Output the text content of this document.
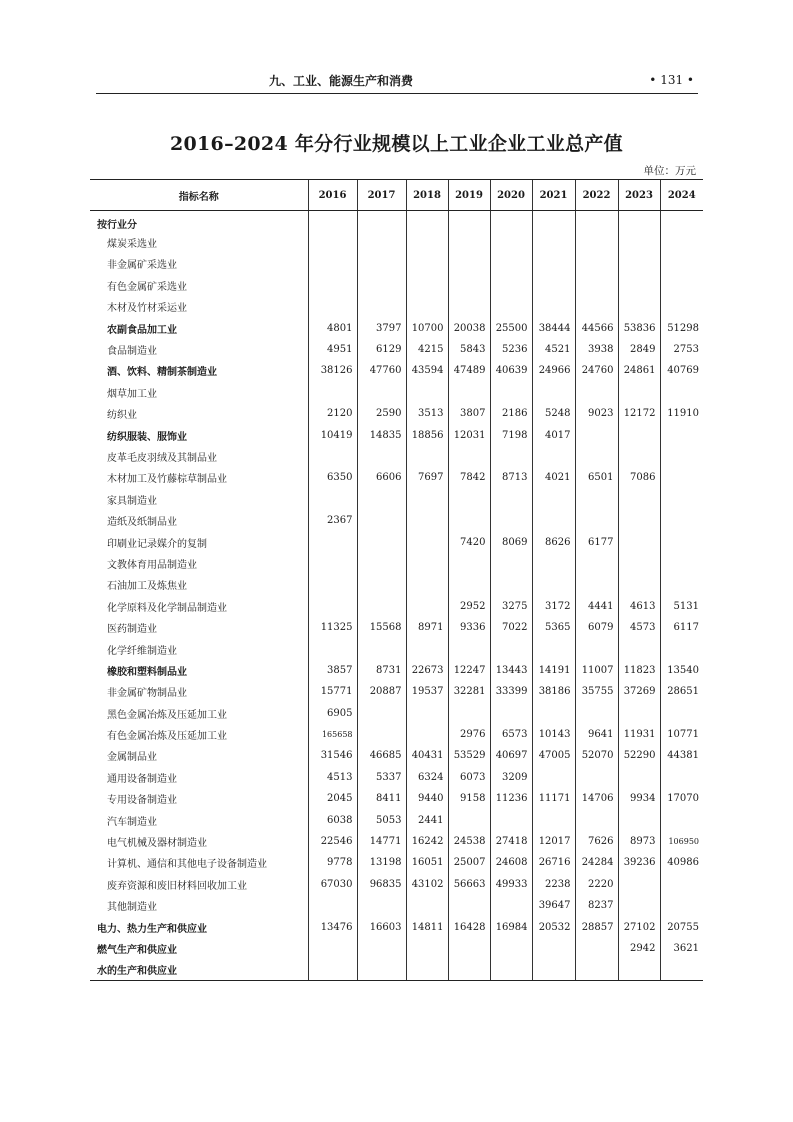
九、工业、能源生产和消费	• 131 •
2016–2024 年分行业规模以上工业企业工业总产值
单位：万元
指标名称	2016	2017	2018	2019	2020	2021	2022	2023	2024
按行业分									
煤炭采选业									
非金属矿采选业									
有色金属矿采选业									
木材及竹材采运业									
农副食品加工业	4801	3797	10700	20038	25500	38444	44566	53836	51298
食品制造业	4951	6129	4215	5843	5236	4521	3938	2849	2753
酒、饮料、精制茶制造业	38126	47760	43594	47489	40639	24966	24760	24861	40769
烟草加工业									
纺织业	2120	2590	3513	3807	2186	5248	9023	12172	11910
纺织服装、服饰业	10419	14835	18856	12031	7198	4017			
皮革毛皮羽绒及其制品业									
木材加工及竹藤棕草制品业	6350	6606	7697	7842	8713	4021	6501	7086	
家具制造业									
造纸及纸制品业	2367								
印刷业记录媒介的复制				7420	8069	8626	6177		
文教体育用品制造业									
石油加工及炼焦业									
化学原料及化学制品制造业				2952	3275	3172	4441	4613	5131
医药制造业	11325	15568	8971	9336	7022	5365	6079	4573	6117
化学纤维制造业									
橡胶和塑料制品业	3857	8731	22673	12247	13443	14191	11007	11823	13540
非金属矿物制品业	15771	20887	19537	32281	33399	38186	35755	37269	28651
黑色金属冶炼及压延加工业	6905								
有色金属冶炼及压延加工业	165658			2976	6573	10143	9641	11931	10771
金属制品业	31546	46685	40431	53529	40697	47005	52070	52290	44381
通用设备制造业	4513	5337	6324	6073	3209				
专用设备制造业	2045	8411	9440	9158	11236	11171	14706	9934	17070
汽车制造业	6038	5053	2441						
电气机械及器材制造业	22546	14771	16242	24538	27418	12017	7626	8973	106950
计算机、通信和其他电子设备制造业	9778	13198	16051	25007	24608	26716	24284	39236	40986
废弃资源和废旧材料回收加工业	67030	96835	43102	56663	49933	2238	2220		
其他制造业						39647	8237		
电力、热力生产和供应业	13476	16603	14811	16428	16984	20532	28857	27102	20755
燃气生产和供应业								2942	3621
水的生产和供应业									
